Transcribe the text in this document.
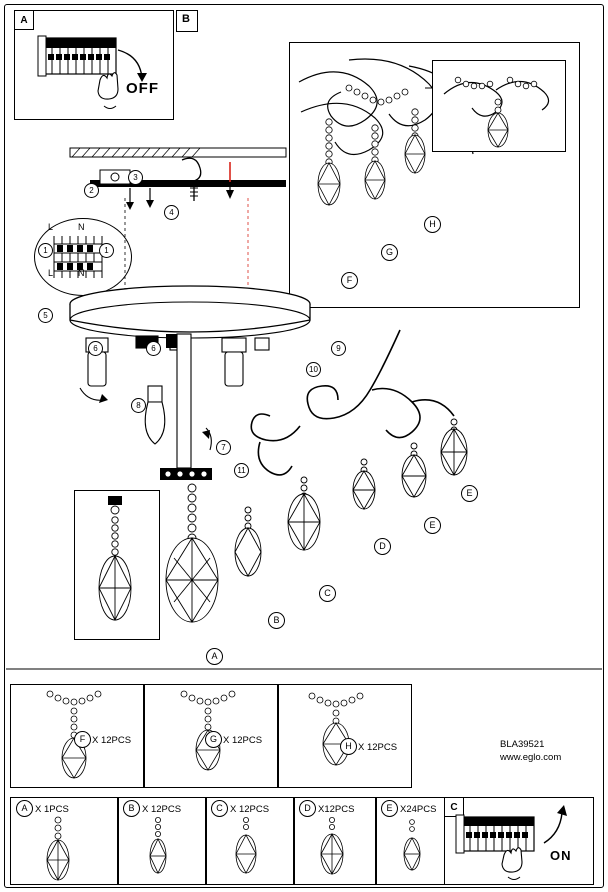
A
OFF
B
H
G
F
2
3
4
L	N
L	N
1	1
5
6	6
7
8
9
10
11
A
B
C
D
E
E
F X 12PCS	G X 12PCS	H X 12PCS
A X 1PCS	B X 12PCS	C X 12PCS	D X12PCS	E X24PCS
BLA39521
www.eglo.com
C
ON
